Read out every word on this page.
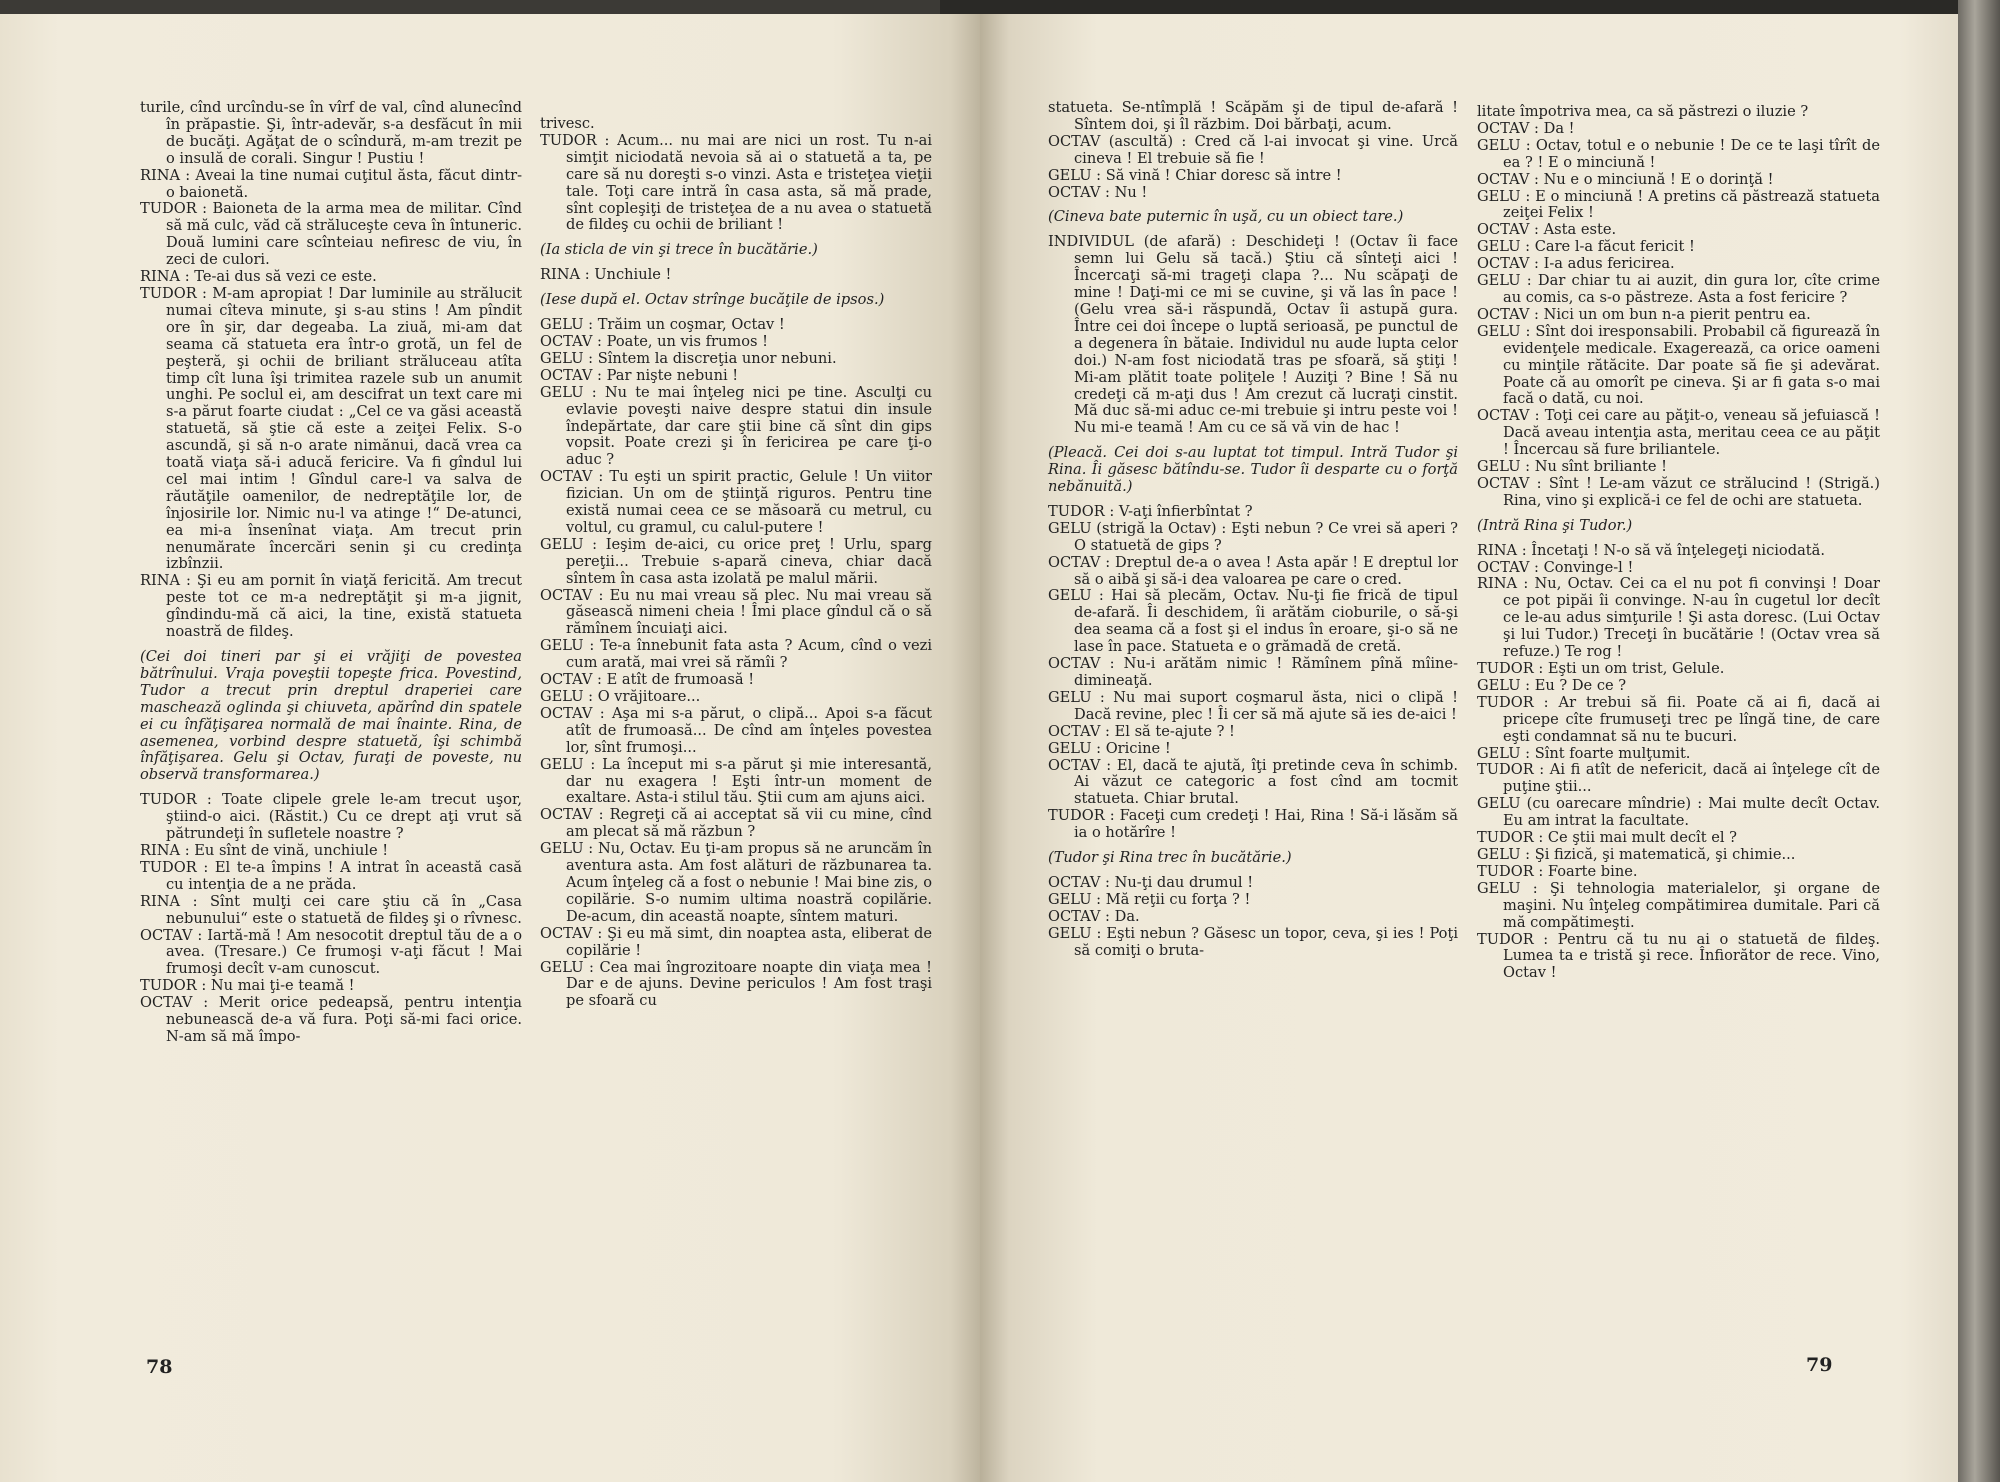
turile, cînd urcîndu-se în vîrf de val, cînd alunecînd în prăpastie. Şi, într-adevăr, s-a desfăcut în mii de bucăţi. Agăţat de o scîndură, m-am trezit pe o insulă de corali. Singur ! Pustiu !

RINA : Aveai la tine numai cuţitul ăsta, făcut dintr-o baionetă.

TUDOR : Baioneta de la arma mea de militar. Cînd să mă culc, văd că străluceşte ceva în întuneric. Două lumini care scînteiau nefiresc de viu, în zeci de culori.

RINA : Te-ai dus să vezi ce este.

TUDOR : M-am apropiat ! Dar luminile au strălucit numai cîteva minute, şi s-au stins ! Am pîndit ore în şir, dar degeaba. La ziuă, mi-am dat seama că statueta era într-o grotă, un fel de peşteră, şi ochii de briliant străluceau atîta timp cît luna îşi trimitea razele sub un anumit unghi. Pe soclul ei, am descifrat un text care mi s-a părut foarte ciudat : „Cel ce va găsi această statuetă, să ştie că este a zeiţei Felix. S-o ascundă, şi să n-o arate nimănui, dacă vrea ca toată viaţa să-i aducă fericire. Va fi gîndul lui cel mai intim ! Gîndul care-l va salva de răutăţile oamenilor, de nedreptăţile lor, de înjosirile lor. Nimic nu-l va atinge !“ De-atunci, ea mi-a însenînat viaţa. Am trecut prin nenumărate încercări senin şi cu credinţa izbînzii.

RINA : Şi eu am pornit în viaţă fericită. Am trecut peste tot ce m-a nedreptăţit şi m-a jignit, gîndindu-mă că aici, la tine, există statueta noastră de fildeş.

(Cei doi tineri par şi ei vrăjiţi de povestea bătrînului. Vraja poveştii topeşte frica. Povestind, Tudor a trecut prin dreptul draperiei care maschează oglinda şi chiuveta, apărînd din spatele ei cu înfăţişarea normală de mai înainte. Rina, de asemenea, vorbind despre statuetă, îşi schimbă înfăţişarea. Gelu şi Octav, furaţi de poveste, nu observă transformarea.)

TUDOR : Toate clipele grele le-am trecut uşor, ştiind-o aici. (Răstit.) Cu ce drept aţi vrut să pătrundeţi în sufletele noastre ?

RINA : Eu sînt de vină, unchiule !

TUDOR : El te-a împins ! A intrat în această casă cu intenţia de a ne prăda.

RINA : Sînt mulţi cei care ştiu că în „Casa nebunului“ este o statuetă de fildeş şi o rîvnesc.

OCTAV : Iartă-mă ! Am nesocotit dreptul tău de a o avea. (Tresare.) Ce frumoşi v-aţi făcut ! Mai frumoşi decît v-am cunoscut.

TUDOR : Nu mai ţi-e teamă !

OCTAV : Merit orice pedeapsă, pentru intenţia nebunească de-a vă fura. Poţi să-mi faci orice. N-am să mă împo-

trivesc.

TUDOR : Acum... nu mai are nici un rost. Tu n-ai simţit niciodată nevoia să ai o statuetă a ta, pe care să nu doreşti s-o vinzi. Asta e tristeţea vieţii tale. Toţi care intră în casa asta, să mă prade, sînt copleşiţi de tristeţea de a nu avea o statuetă de fildeş cu ochii de briliant !

(Ia sticla de vin şi trece în bucătărie.)

RINA : Unchiule !

(Iese după el. Octav strînge bucăţile de ipsos.)

GELU : Trăim un coşmar, Octav !

OCTAV : Poate, un vis frumos !

GELU : Sîntem la discreţia unor nebuni.

OCTAV : Par nişte nebuni !

GELU : Nu te mai înţeleg nici pe tine. Asculţi cu evlavie poveşti naive despre statui din insule îndepărtate, dar care ştii bine că sînt din gips vopsit. Poate crezi şi în fericirea pe care ţi-o aduc ?

OCTAV : Tu eşti un spirit practic, Gelule ! Un viitor fizician. Un om de ştiinţă riguros. Pentru tine există numai ceea ce se măsoară cu metrul, cu voltul, cu gramul, cu calul-putere !

GELU : Ieşim de-aici, cu orice preţ ! Urlu, sparg pereţii... Trebuie s-apară cineva, chiar dacă sîntem în casa asta izolată pe malul mării.

OCTAV : Eu nu mai vreau să plec. Nu mai vreau să găsească nimeni cheia ! Îmi place gîndul că o să rămînem încuiaţi aici.

GELU : Te-a înnebunit fata asta ? Acum, cînd o vezi cum arată, mai vrei să rămîi ?

OCTAV : E atît de frumoasă !

GELU : O vrăjitoare...

OCTAV : Aşa mi s-a părut, o clipă... Apoi s-a făcut atît de frumoasă... De cînd am înţeles povestea lor, sînt frumoşi...

GELU : La început mi s-a părut şi mie interesantă, dar nu exagera ! Eşti într-un moment de exaltare. Asta-i stilul tău. Ştii cum am ajuns aici.

OCTAV : Regreţi că ai acceptat să vii cu mine, cînd am plecat să mă răzbun ?

GELU : Nu, Octav. Eu ţi-am propus să ne aruncăm în aventura asta. Am fost alături de răzbunarea ta. Acum înţeleg că a fost o nebunie ! Mai bine zis, o copilărie. S-o numim ultima noastră copilărie. De-acum, din această noapte, sîntem maturi.

OCTAV : Şi eu mă simt, din noaptea asta, eliberat de copilărie !

GELU : Cea mai îngrozitoare noapte din viaţa mea ! Dar e de ajuns. Devine periculos ! Am fost traşi pe sfoară cu

78

statueta. Se-ntîmplă ! Scăpăm şi de tipul de-afară ! Sîntem doi, şi îl răzbim. Doi bărbaţi, acum.

OCTAV (ascultă) : Cred că l-ai invocat şi vine. Urcă cineva ! El trebuie să fie !

GELU : Să vină ! Chiar doresc să intre !

OCTAV : Nu !

(Cineva bate puternic în uşă, cu un obiect tare.)

INDIVIDUL (de afară) : Deschideţi ! (Octav îi face semn lui Gelu să tacă.) Ştiu că sînteţi aici ! Încercaţi să-mi trageţi clapa ?... Nu scăpaţi de mine ! Daţi-mi ce mi se cuvine, şi vă las în pace ! (Gelu vrea să-i răspundă, Octav îi astupă gura. Între cei doi începe o luptă serioasă, pe punctul de a degenera în bătaie. Individul nu aude lupta celor doi.) N-am fost niciodată tras pe sfoară, să ştiţi ! Mi-am plătit toate poliţele ! Auziţi ? Bine ! Să nu credeţi că m-aţi dus ! Am crezut că lucraţi cinstit. Mă duc să-mi aduc ce-mi trebuie şi intru peste voi ! Nu mi-e teamă ! Am cu ce să vă vin de hac !

(Pleacă. Cei doi s-au luptat tot timpul. Intră Tudor şi Rina. Îi găsesc bătîndu-se. Tudor îi desparte cu o forţă nebănuită.)

TUDOR : V-aţi înfierbîntat ?

GELU (strigă la Octav) : Eşti nebun ? Ce vrei să aperi ? O statuetă de gips ?

OCTAV : Dreptul de-a o avea ! Asta apăr ! E dreptul lor să o aibă şi să-i dea valoarea pe care o cred.

GELU : Hai să plecăm, Octav. Nu-ţi fie frică de tipul de-afară. Îi deschidem, îi arătăm cioburile, o să-şi dea seama că a fost şi el indus în eroare, şi-o să ne lase în pace. Statueta e o grămadă de cretă.

OCTAV : Nu-i arătăm nimic ! Rămînem pînă mîine-dimineaţă.

GELU : Nu mai suport coşmarul ăsta, nici o clipă ! Dacă revine, plec ! Îi cer să mă ajute să ies de-aici !

OCTAV : El să te-ajute ? !

GELU : Oricine !

OCTAV : El, dacă te ajută, îţi pretinde ceva în schimb. Ai văzut ce categoric a fost cînd am tocmit statueta. Chiar brutal.

TUDOR : Faceţi cum credeţi ! Hai, Rina ! Să-i lăsăm să ia o hotărîre !

(Tudor şi Rina trec în bucătărie.)

OCTAV : Nu-ţi dau drumul !

GELU : Mă reţii cu forţa ? !

OCTAV : Da.

GELU : Eşti nebun ? Găsesc un topor, ceva, şi ies ! Poţi să comiţi o bruta-

litate împotriva mea, ca să păstrezi o iluzie ?

OCTAV : Da !

GELU : Octav, totul e o nebunie ! De ce te laşi tîrît de ea ? ! E o minciună !

OCTAV : Nu e o minciună ! E o dorinţă !

GELU : E o minciună ! A pretins că păstrează statueta zeiţei Felix !

OCTAV : Asta este.

GELU : Care l-a făcut fericit !

OCTAV : I-a adus fericirea.

GELU : Dar chiar tu ai auzit, din gura lor, cîte crime au comis, ca s-o păstreze. Asta a fost fericire ?

OCTAV : Nici un om bun n-a pierit pentru ea.

GELU : Sînt doi iresponsabili. Probabil că figurează în evidenţele medicale. Exagerează, ca orice oameni cu minţile rătăcite. Dar poate să fie şi adevărat. Poate că au omorît pe cineva. Şi ar fi gata s-o mai facă o dată, cu noi.

OCTAV : Toţi cei care au păţit-o, veneau să jefuiască ! Dacă aveau intenţia asta, meritau ceea ce au păţit ! Încercau să fure briliantele.

GELU : Nu sînt briliante !

OCTAV : Sînt ! Le-am văzut ce strălucind ! (Strigă.) Rina, vino şi explică-i ce fel de ochi are statueta.

(Intră Rina şi Tudor.)

RINA : Încetaţi ! N-o să vă înţelegeţi niciodată.

OCTAV : Convinge-l !

RINA : Nu, Octav. Cei ca el nu pot fi convinşi ! Doar ce pot pipăi îi convinge. N-au în cugetul lor decît ce le-au adus simţurile ! Şi asta doresc. (Lui Octav şi lui Tudor.) Treceţi în bucătărie ! (Octav vrea să refuze.) Te rog !

TUDOR : Eşti un om trist, Gelule.

GELU : Eu ? De ce ?

TUDOR : Ar trebui să fii. Poate că ai fi, dacă ai pricepe cîte frumuseţi trec pe lîngă tine, de care eşti condamnat să nu te bucuri.

GELU : Sînt foarte mulţumit.

TUDOR : Ai fi atît de nefericit, dacă ai înţelege cît de puţine ştii...

GELU (cu oarecare mîndrie) : Mai multe decît Octav. Eu am intrat la facultate.

TUDOR : Ce ştii mai mult decît el ?

GELU : Şi fizică, şi matematică, şi chimie...

TUDOR : Foarte bine.

GELU : Şi tehnologia materialelor, şi organe de maşini. Nu înţeleg compătimirea dumitale. Pari că mă compătimeşti.

TUDOR : Pentru că tu nu ai o statuetă de fildeş. Lumea ta e tristă şi rece. Înfiorător de rece. Vino, Octav !

79
